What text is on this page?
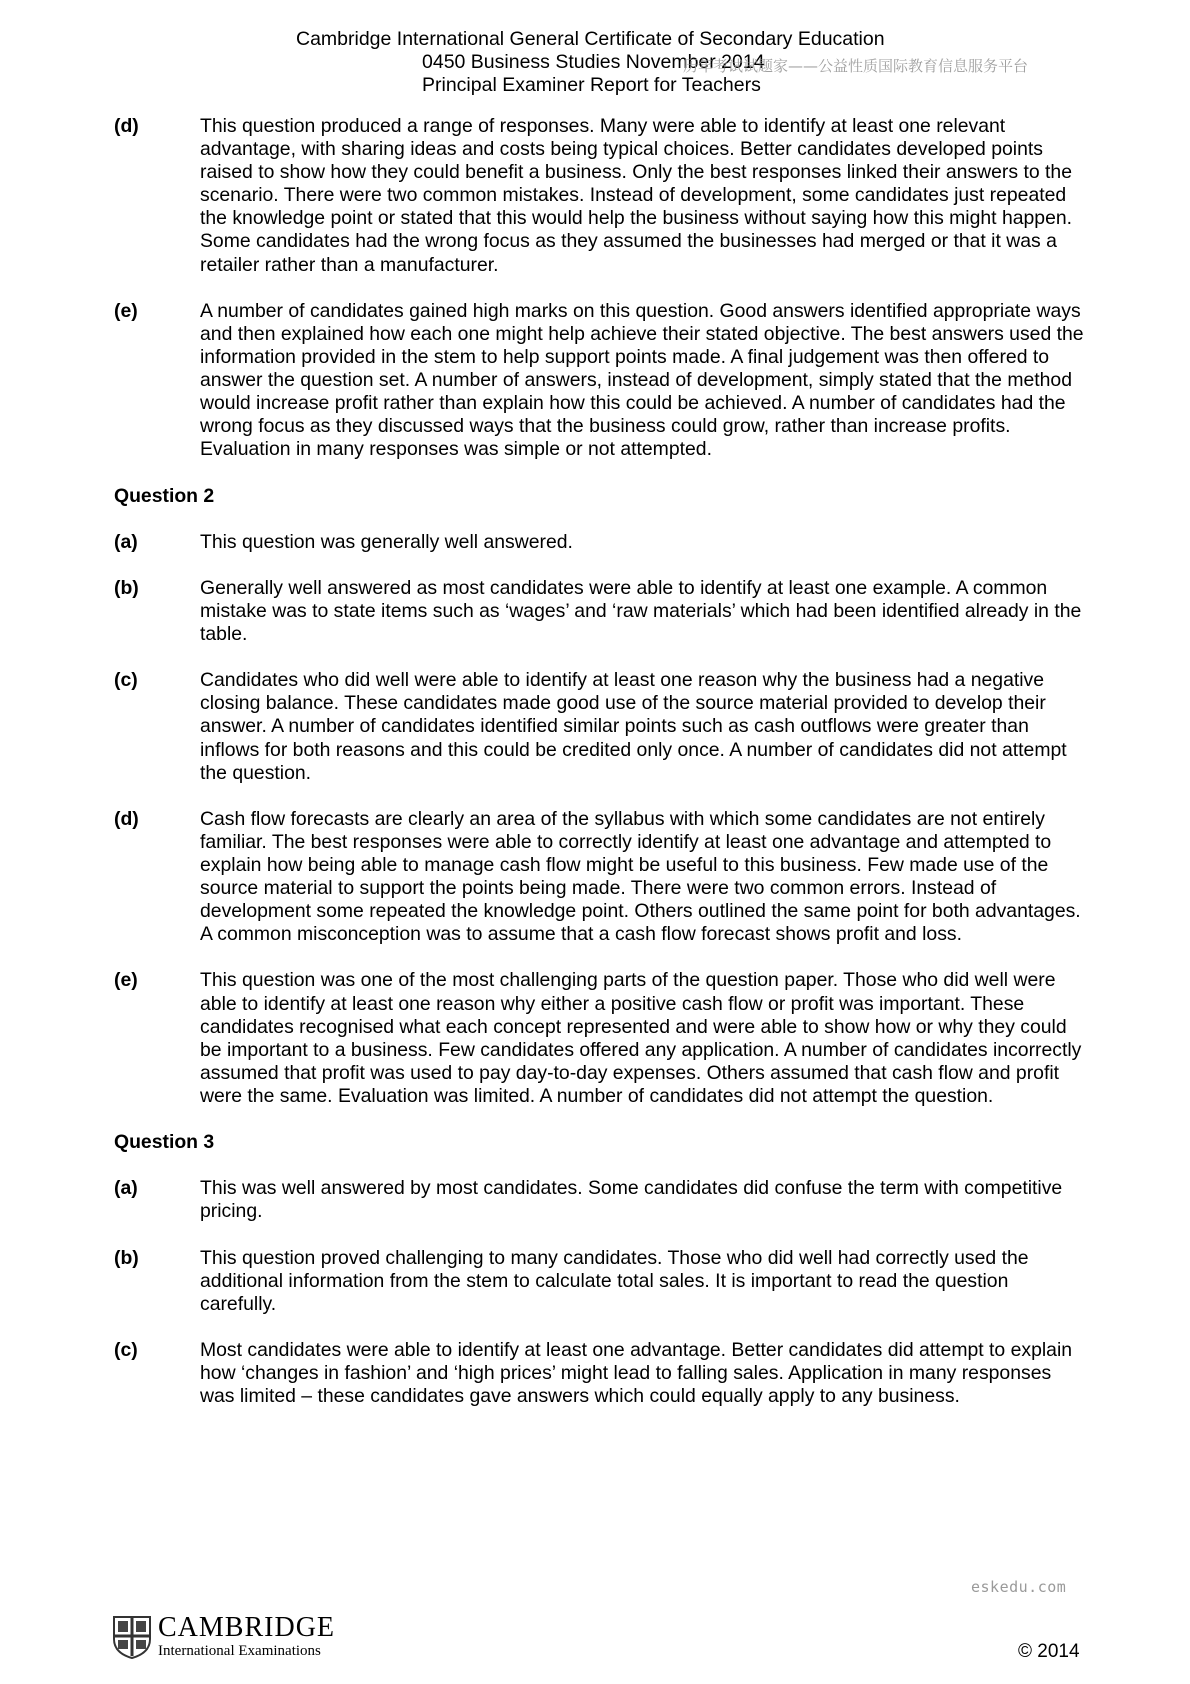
Cambridge International General Certificate of Secondary Education
0450 Business Studies November 2014
Principal Examiner Report for Teachers
历年考试试题家——公益性质国际教育信息服务平台
(d)	This question produced a range of responses. Many were able to identify at least one relevant advantage, with sharing ideas and costs being typical choices. Better candidates developed points raised to show how they could benefit a business. Only the best responses linked their answers to the scenario. There were two common mistakes. Instead of development, some candidates just repeated the knowledge point or stated that this would help the business without saying how this might happen. Some candidates had the wrong focus as they assumed the businesses had merged or that it was a retailer rather than a manufacturer.
(e)	A number of candidates gained high marks on this question. Good answers identified appropriate ways and then explained how each one might help achieve their stated objective. The best answers used the information provided in the stem to help support points made. A final judgement was then offered to answer the question set. A number of answers, instead of development, simply stated that the method would increase profit rather than explain how this could be achieved. A number of candidates had the wrong focus as they discussed ways that the business could grow, rather than increase profits. Evaluation in many responses was simple or not attempted.
Question 2
(a)	This question was generally well answered.
(b)	Generally well answered as most candidates were able to identify at least one example. A common mistake was to state items such as ‘wages’ and ‘raw materials’ which had been identified already in the table.
(c)	Candidates who did well were able to identify at least one reason why the business had a negative closing balance. These candidates made good use of the source material provided to develop their answer. A number of candidates identified similar points such as cash outflows were greater than inflows for both reasons and this could be credited only once. A number of candidates did not attempt the question.
(d)	Cash flow forecasts are clearly an area of the syllabus with which some candidates are not entirely familiar. The best responses were able to correctly identify at least one advantage and attempted to explain how being able to manage cash flow might be useful to this business. Few made use of the source material to support the points being made. There were two common errors. Instead of development some repeated the knowledge point. Others outlined the same point for both advantages. A common misconception was to assume that a cash flow forecast shows profit and loss.
(e)	This question was one of the most challenging parts of the question paper. Those who did well were able to identify at least one reason why either a positive cash flow or profit was important. These candidates recognised what each concept represented and were able to show how or why they could be important to a business. Few candidates offered any application. A number of candidates incorrectly assumed that profit was used to pay day-to-day expenses. Others assumed that cash flow and profit were the same. Evaluation was limited. A number of candidates did not attempt the question.
Question 3
(a)	This was well answered by most candidates. Some candidates did confuse the term with competitive pricing.
(b)	This question proved challenging to many candidates. Those who did well had correctly used the additional information from the stem to calculate total sales. It is important to read the question carefully.
(c)	Most candidates were able to identify at least one advantage. Better candidates did attempt to explain how ‘changes in fashion’ and ‘high prices’ might lead to falling sales. Application in many responses was limited – these candidates gave answers which could equally apply to any business.
eskedu.com
CAMBRIDGE
International Examinations	© 2014
